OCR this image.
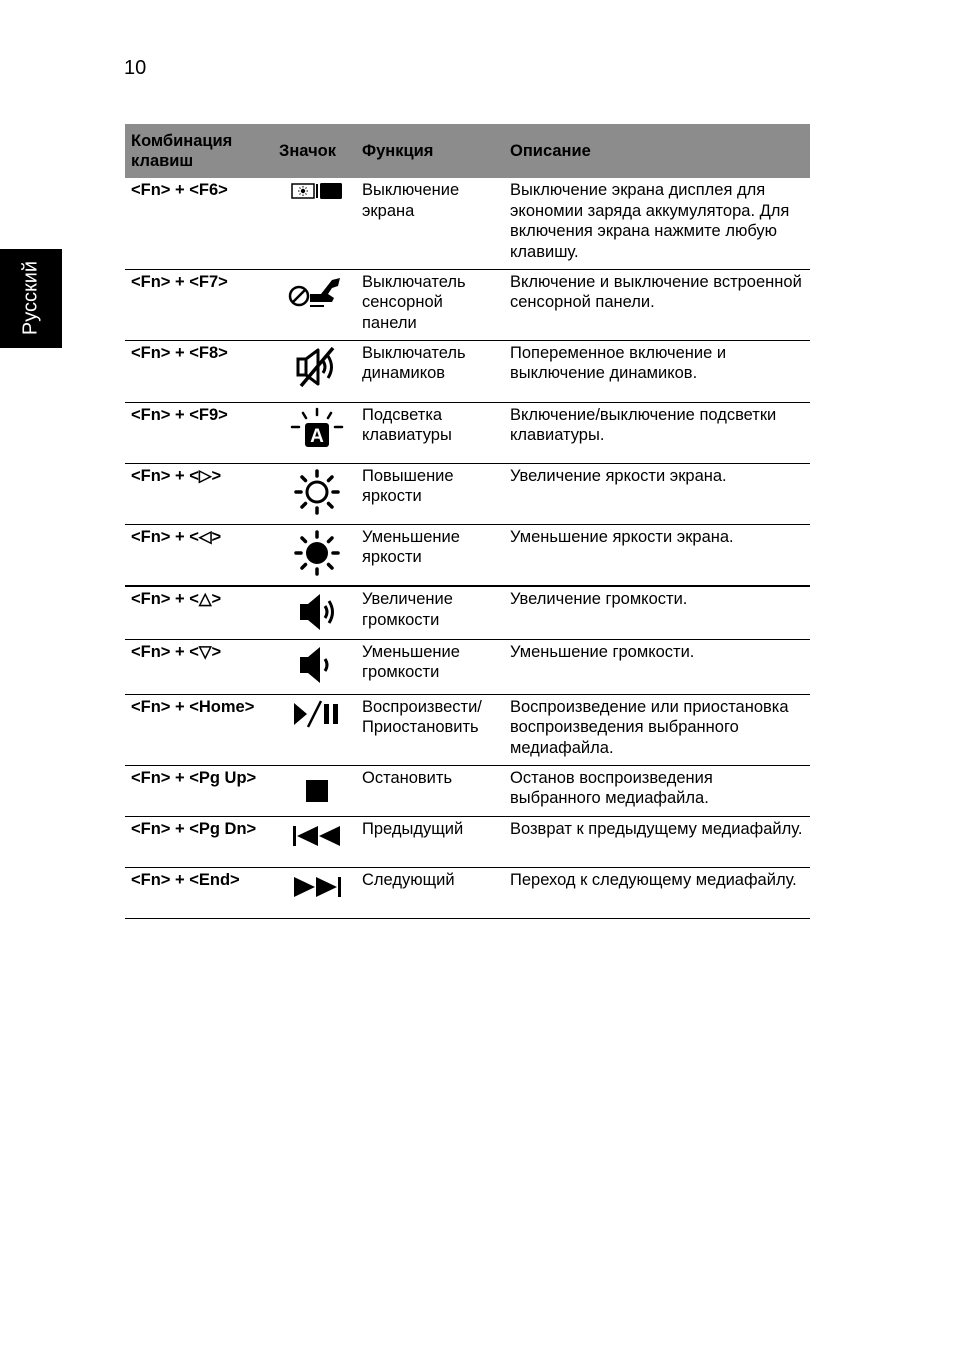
10
Русский
Комбинация клавиш	Значок	Функция	Описание
<Fn> + <F6>		Выключение экрана	Выключение экрана дисплея для экономии заряда аккумулятора. Для включения экрана нажмите любую клавишу.
<Fn> + <F7>		Выключатель сенсорной панели	Включение и выключение встроенной сенсорной панели.
<Fn> + <F8>		Выключатель динамиков	Попеременное включение и выключение динамиков.
<Fn> + <F9>	A	Подсветка клавиатуры	Включение/выключение подсветки клавиатуры.
<Fn> + <▷>		Повышение яркости	Увеличение яркости экрана.
<Fn> + <◁>		Уменьшение яркости	Уменьшение яркости экрана.
<Fn> + <△>		Увеличение громкости	Увеличение громкости.
<Fn> + <▽>		Уменьшение громкости	Уменьшение громкости.
<Fn> + <Home>		Воспроизвести/ Приостановить	Воспроизведение или приостановка воспроизведения выбранного медиафайла.
<Fn> + <Pg Up>		Остановить	Останов воспроизведения выбранного медиафайла.
<Fn> + <Pg Dn>		Предыдущий	Возврат к предыдущему медиафайлу.
<Fn> + <End>		Следующий	Переход к следующему медиафайлу.
